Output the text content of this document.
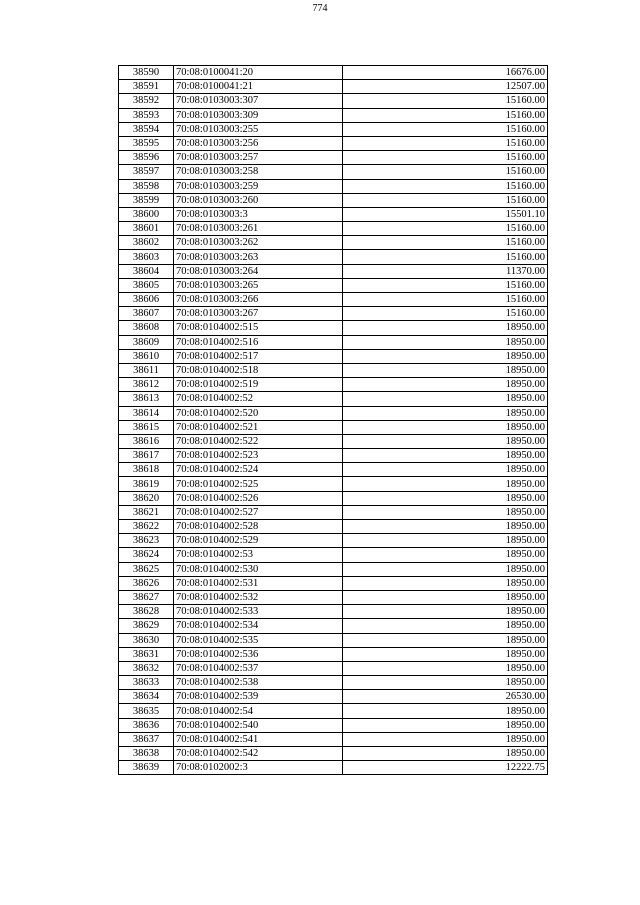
774
38590	70:08:0100041:20	16676.00
38591	70:08:0100041:21	12507.00
38592	70:08:0103003:307	15160.00
38593	70:08:0103003:309	15160.00
38594	70:08:0103003:255	15160.00
38595	70:08:0103003:256	15160.00
38596	70:08:0103003:257	15160.00
38597	70:08:0103003:258	15160.00
38598	70:08:0103003:259	15160.00
38599	70:08:0103003:260	15160.00
38600	70:08:0103003:3	15501.10
38601	70:08:0103003:261	15160.00
38602	70:08:0103003:262	15160.00
38603	70:08:0103003:263	15160.00
38604	70:08:0103003:264	11370.00
38605	70:08:0103003:265	15160.00
38606	70:08:0103003:266	15160.00
38607	70:08:0103003:267	15160.00
38608	70:08:0104002:515	18950.00
38609	70:08:0104002:516	18950.00
38610	70:08:0104002:517	18950.00
38611	70:08:0104002:518	18950.00
38612	70:08:0104002:519	18950.00
38613	70:08:0104002:52	18950.00
38614	70:08:0104002:520	18950.00
38615	70:08:0104002:521	18950.00
38616	70:08:0104002:522	18950.00
38617	70:08:0104002:523	18950.00
38618	70:08:0104002:524	18950.00
38619	70:08:0104002:525	18950.00
38620	70:08:0104002:526	18950.00
38621	70:08:0104002:527	18950.00
38622	70:08:0104002:528	18950.00
38623	70:08:0104002:529	18950.00
38624	70:08:0104002:53	18950.00
38625	70:08:0104002:530	18950.00
38626	70:08:0104002:531	18950.00
38627	70:08:0104002:532	18950.00
38628	70:08:0104002:533	18950.00
38629	70:08:0104002:534	18950.00
38630	70:08:0104002:535	18950.00
38631	70:08:0104002:536	18950.00
38632	70:08:0104002:537	18950.00
38633	70:08:0104002:538	18950.00
38634	70:08:0104002:539	26530.00
38635	70:08:0104002:54	18950.00
38636	70:08:0104002:540	18950.00
38637	70:08:0104002:541	18950.00
38638	70:08:0104002:542	18950.00
38639	70:08:0102002:3	12222.75
